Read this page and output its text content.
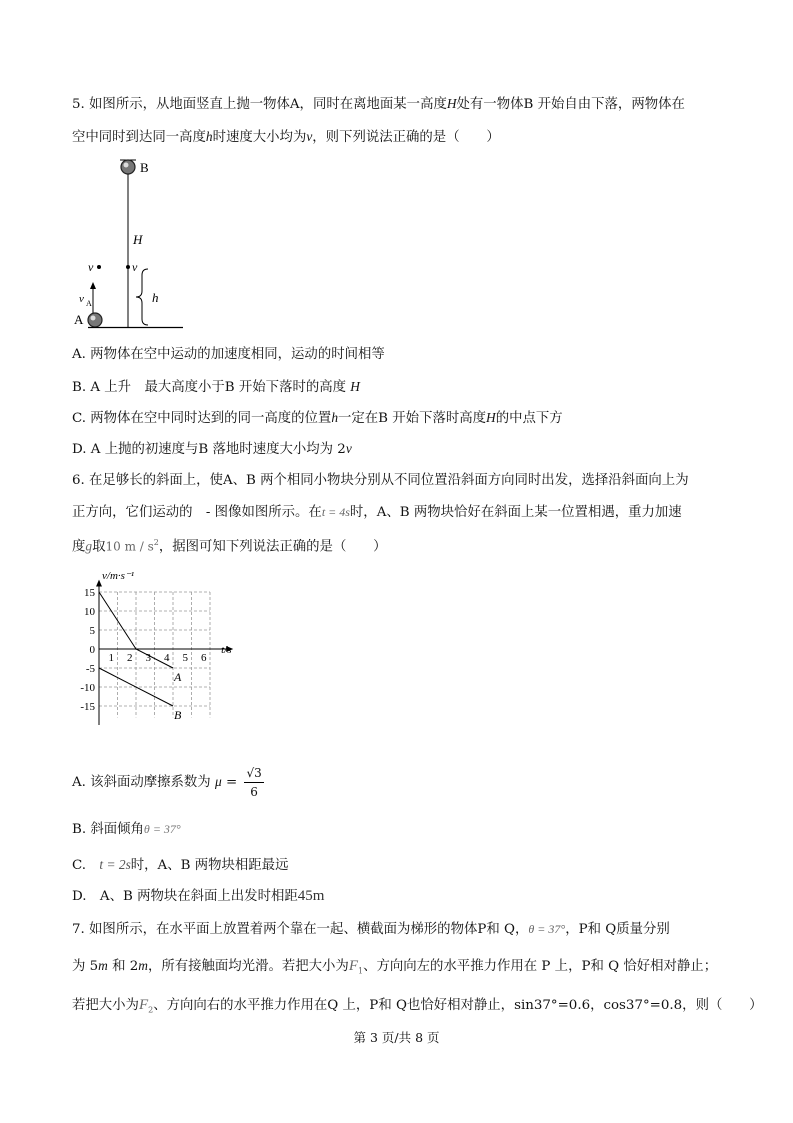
5. 如图所示，从地面竖直上抛一物体A，同时在离地面某一高度H处有一物体B 开始自由下落，两物体在
空中同时到达同一高度h时速度大小均为v，则下列说法正确的是（　　）
B
H
v
v
h
v A
A
A. 两物体在空中运动的加速度相同，运动的时间相等
B. A 上升　最大高度小于B 开始下落时的高度 H
C. 两物体在空中同时达到的同一高度的位置h一定在B 开始下落时高度H的中点下方
D. A 上抛的初速度与B 落地时速度大小均为 2v
6. 在足够长的斜面上，使A、B 两个相同小物块分别从不同位置沿斜面方向同时出发，选择沿斜面向上为
正方向，它们运动的　- 图像如图所示。在t = 4s时，A、B 两物块恰好在斜面上某一位置相遇，重力加速
度g取10 m / $s^2$，据图可知下列说法正确的是（　　）
v/m·s⁻¹
t/s
1 2 3 4 5 6
15
10
5
0
-5
-10
-15
A
B
A. 该斜面动摩擦系数为 $\mu = \frac{√3}{6}$
B. 斜面倾角θ = 37°
C.　t = 2s时，A、B 两物块相距最远
D.　A、B 两物块在斜面上出发时相距45m
7. 如图所示，在水平面上放置着两个靠在一起、横截面为梯形的物体P和 Q，θ = 37°，P和 Q质量分别
为 5m 和 2m，所有接触面均光滑。若把大小为$F_1$、方向向左的水平推力作用在 P 上，P和 Q 恰好相对静止；
若把大小为$F_2$、方向向右的水平推力作用在Q 上，P和 Q也恰好相对静止，sin37°=0.6，cos37°=0.8，则（　　）
第 3 页/共 8 页
